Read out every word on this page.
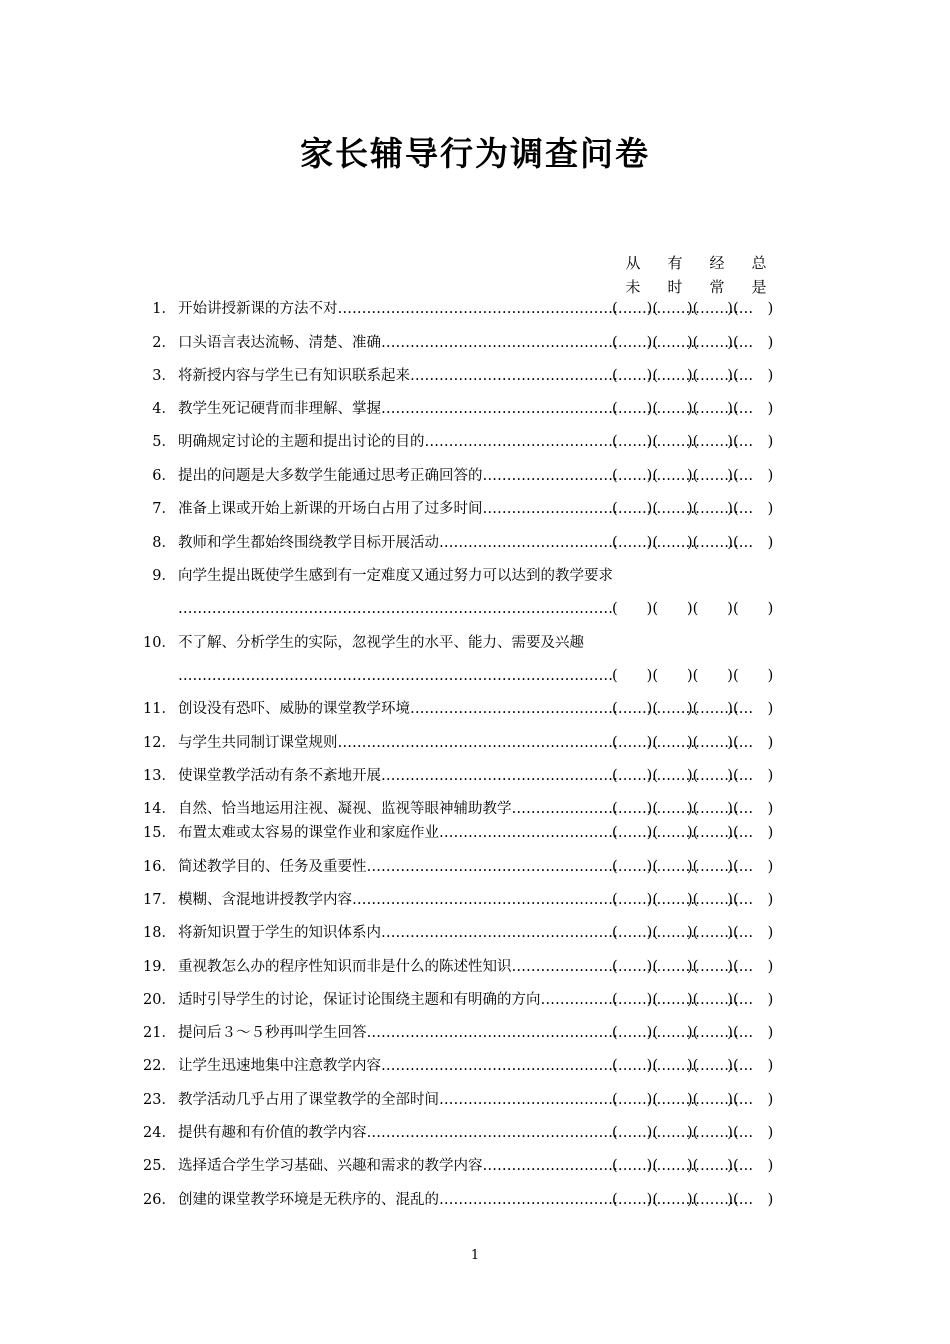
家长辅导行为调查问卷
从	有	经	总
未	时	常	是
1． 开始讲授新课的方法不对 …………………………………………………………………………………………………………………………………………………………	(　　)(　　)(　　)(　　)
2． 口头语言表达流畅、清楚、准确 …………………………………………………………………………………………………………………………………………………………	(　　)(　　)(　　)(　　)
3． 将新授内容与学生已有知识联系起来 …………………………………………………………………………………………………………………………………………………………	(　　)(　　)(　　)(　　)
4． 教学生死记硬背而非理解、掌握 …………………………………………………………………………………………………………………………………………………………	(　　)(　　)(　　)(　　)
5． 明确规定讨论的主题和提出讨论的目的 …………………………………………………………………………………………………………………………………………………………	(　　)(　　)(　　)(　　)
6． 提出的问题是大多数学生能通过思考正确回答的 …………………………………………………………………………………………………………………………………………………………	(　　)(　　)(　　)(　　)
7． 准备上课或开始上新课的开场白占用了过多时间 …………………………………………………………………………………………………………………………………………………………	(　　)(　　)(　　)(　　)
8． 教师和学生都始终围绕教学目标开展活动 …………………………………………………………………………………………………………………………………………………………	(　　)(　　)(　　)(　　)
9． 向学生提出既使学生感到有一定难度又通过努力可以达到的教学要求
…………………………………………………………………………………………………………………………………………………………
(　　)(　　)(　　)(　　)
10． 不了解、分析学生的实际，忽视学生的水平、能力、需要及兴趣
…………………………………………………………………………………………………………………………………………………………
(　　)(　　)(　　)(　　)
11． 创设没有恐吓、威胁的课堂教学环境 …………………………………………………………………………………………………………………………………………………………	(　　)(　　)(　　)(　　)
12． 与学生共同制订课堂规则 …………………………………………………………………………………………………………………………………………………………	(　　)(　　)(　　)(　　)
13． 使课堂教学活动有条不紊地开展 …………………………………………………………………………………………………………………………………………………………	(　　)(　　)(　　)(　　)
14． 自然、恰当地运用注视、凝视、监视等眼神辅助教学 …………………………………………………………………………………………………………………………………………………………	(　　)(　　)(　　)(　　)
15． 布置太难或太容易的课堂作业和家庭作业 …………………………………………………………………………………………………………………………………………………………	(　　)(　　)(　　)(　　)
16． 简述教学目的、任务及重要性 …………………………………………………………………………………………………………………………………………………………	(　　)(　　)(　　)(　　)
17． 模糊、含混地讲授教学内容 …………………………………………………………………………………………………………………………………………………………	(　　)(　　)(　　)(　　)
18． 将新知识置于学生的知识体系内 …………………………………………………………………………………………………………………………………………………………	(　　)(　　)(　　)(　　)
19． 重视教怎么办的程序性知识而非是什么的陈述性知识 …………………………………………………………………………………………………………………………………………………………	(　　)(　　)(　　)(　　)
20． 适时引导学生的讨论，保证讨论围绕主题和有明确的方向 …………………………………………………………………………………………………………………………………………………………	(　　)(　　)(　　)(　　)
21． 提问后３～５秒再叫学生回答 …………………………………………………………………………………………………………………………………………………………	(　　)(　　)(　　)(　　)
22． 让学生迅速地集中注意教学内容 …………………………………………………………………………………………………………………………………………………………	(　　)(　　)(　　)(　　)
23． 教学活动几乎占用了课堂教学的全部时间 …………………………………………………………………………………………………………………………………………………………	(　　)(　　)(　　)(　　)
24． 提供有趣和有价值的教学内容 …………………………………………………………………………………………………………………………………………………………	(　　)(　　)(　　)(　　)
25． 选择适合学生学习基础、兴趣和需求的教学内容 …………………………………………………………………………………………………………………………………………………………	(　　)(　　)(　　)(　　)
26． 创建的课堂教学环境是无秩序的、混乱的 …………………………………………………………………………………………………………………………………………………………	(　　)(　　)(　　)(　　)
1
